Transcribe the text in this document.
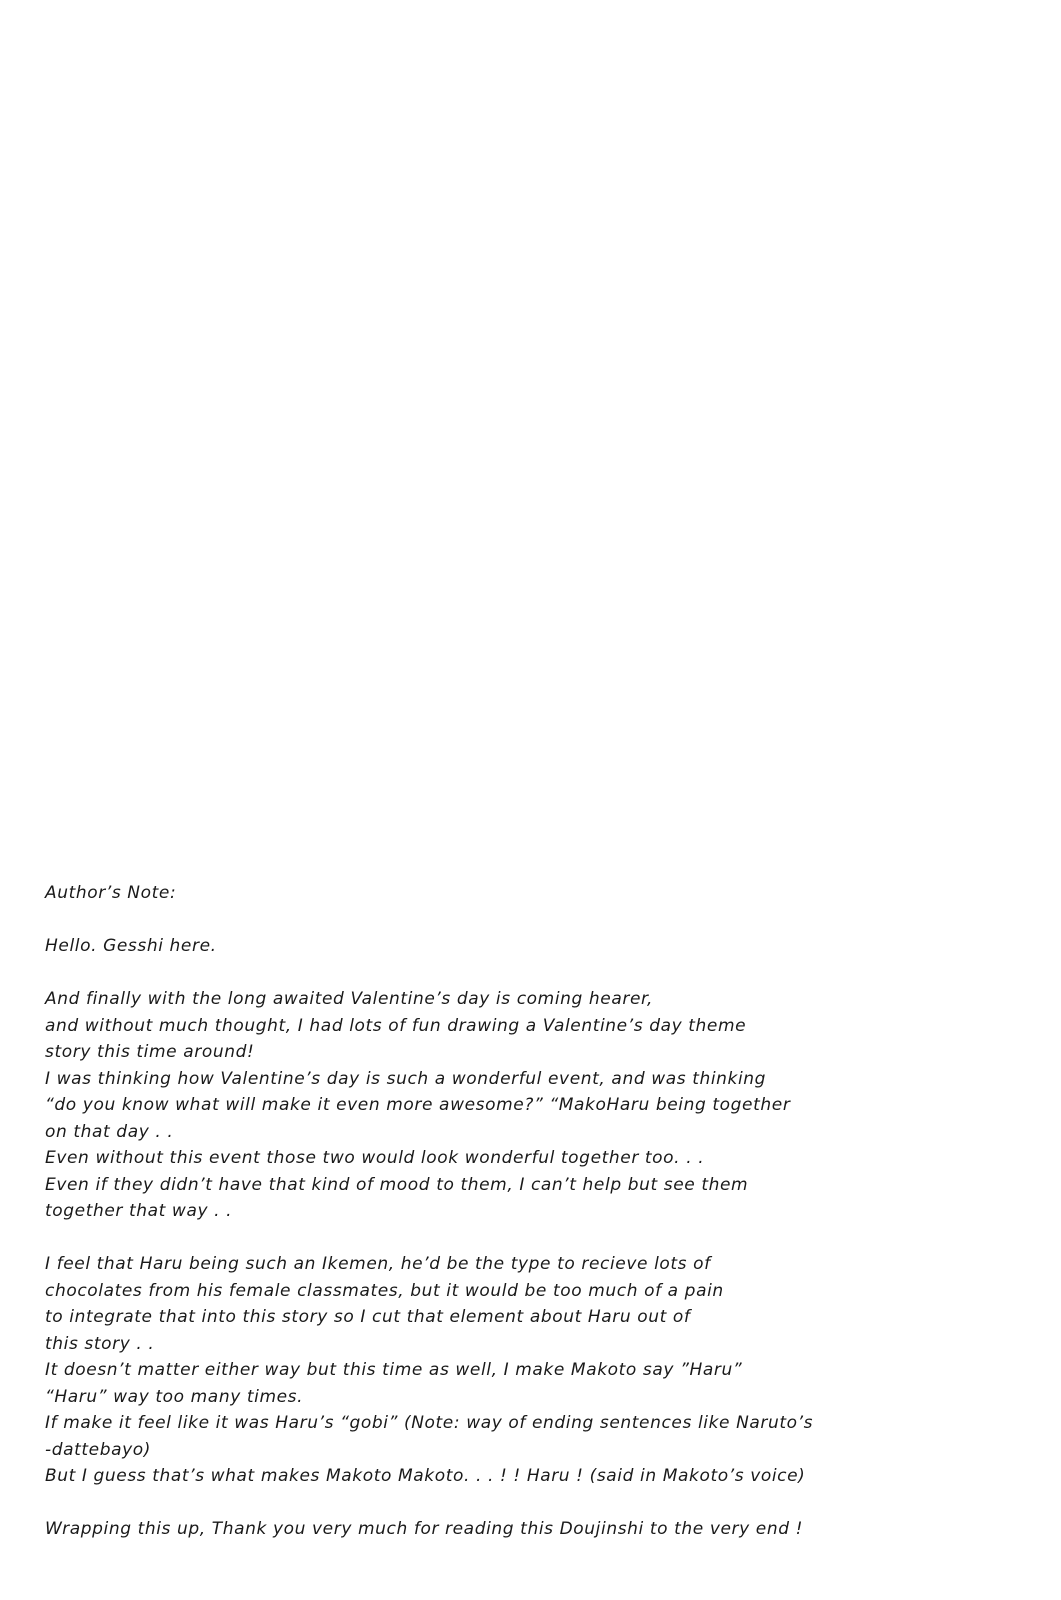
Author’s Note:
Hello. Gesshi here.
And finally with the long awaited Valentine’s day is coming hearer,
and without much thought, I had lots of fun drawing a Valentine’s day theme
story this time around!
I was thinking how Valentine’s day is such a wonderful event, and was thinking
“do you know what will make it even more awesome?” “MakoHaru being together
on that day . .
Even without this event those two would look wonderful together too. . .
Even if they didn’t have that kind of mood to them, I can’t help but see them
together that way . .
I feel that Haru being such an Ikemen, he’d be the type to recieve lots of
chocolates from his female classmates, but it would be too much of a pain
to integrate that into this story so I cut that element about Haru out of
this story . .
It doesn’t matter either way but this time as well, I make Makoto say ”Haru”
“Haru” way too many times.
If make it feel like it was Haru’s “gobi” (Note: way of ending sentences like Naruto’s
-dattebayo)
But I guess that’s what makes Makoto Makoto. . . ! ! Haru ! (said in Makoto’s voice)
Wrapping this up, Thank you very much for reading this Doujinshi to the very end !
